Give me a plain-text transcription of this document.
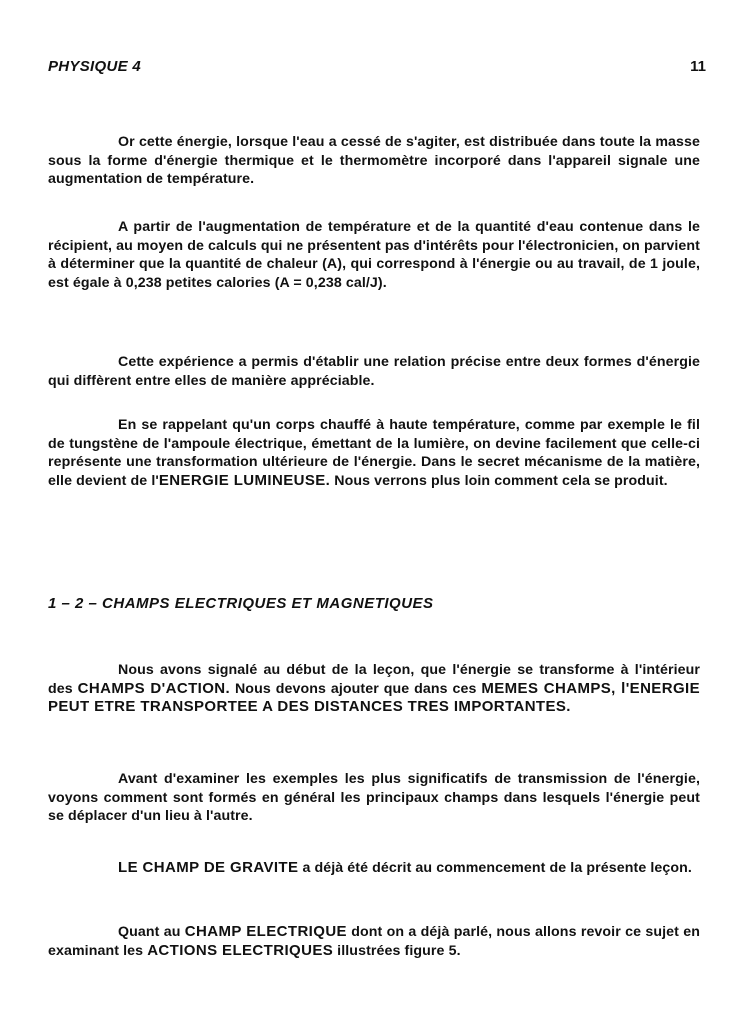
PHYSIQUE 4	11

Or cette énergie, lorsque l'eau a cessé de s'agiter, est distribuée dans toute la masse sous la forme d'énergie thermique et le thermomètre incorporé dans l'appareil signale une augmentation de température.

A partir de l'augmentation de température et de la quantité d'eau contenue dans le récipient, au moyen de calculs qui ne présentent pas d'intérêts pour l'électronicien, on parvient à déterminer que la quantité de chaleur (A), qui correspond à l'énergie ou au travail, de 1 joule, est égale à 0,238 petites calories (A = 0,238 cal/J).

Cette expérience a permis d'établir une relation précise entre deux formes d'énergie qui diffèrent entre elles de manière appréciable.

En se rappelant qu'un corps chauffé à haute température, comme par exemple le fil de tungstène de l'ampoule électrique, émettant de la lumière, on devine facilement que celle-ci représente une transformation ultérieure de l'énergie. Dans le secret mécanisme de la matière, elle devient de l'ENERGIE LUMINEUSE. Nous verrons plus loin comment cela se produit.

1 – 2 – CHAMPS ELECTRIQUES ET MAGNETIQUES

Nous avons signalé au début de la leçon, que l'énergie se transforme à l'intérieur des CHAMPS D'ACTION. Nous devons ajouter que dans ces MEMES CHAMPS, l'ENERGIE PEUT ETRE TRANSPORTEE A DES DISTANCES TRES IMPORTANTES.

Avant d'examiner les exemples les plus significatifs de transmission de l'énergie, voyons comment sont formés en général les principaux champs dans lesquels l'énergie peut se déplacer d'un lieu à l'autre.

LE CHAMP DE GRAVITE a déjà été décrit au commencement de la présente leçon.

Quant au CHAMP ELECTRIQUE dont on a déjà parlé, nous allons revoir ce sujet en examinant les ACTIONS ELECTRIQUES illustrées figure 5.
